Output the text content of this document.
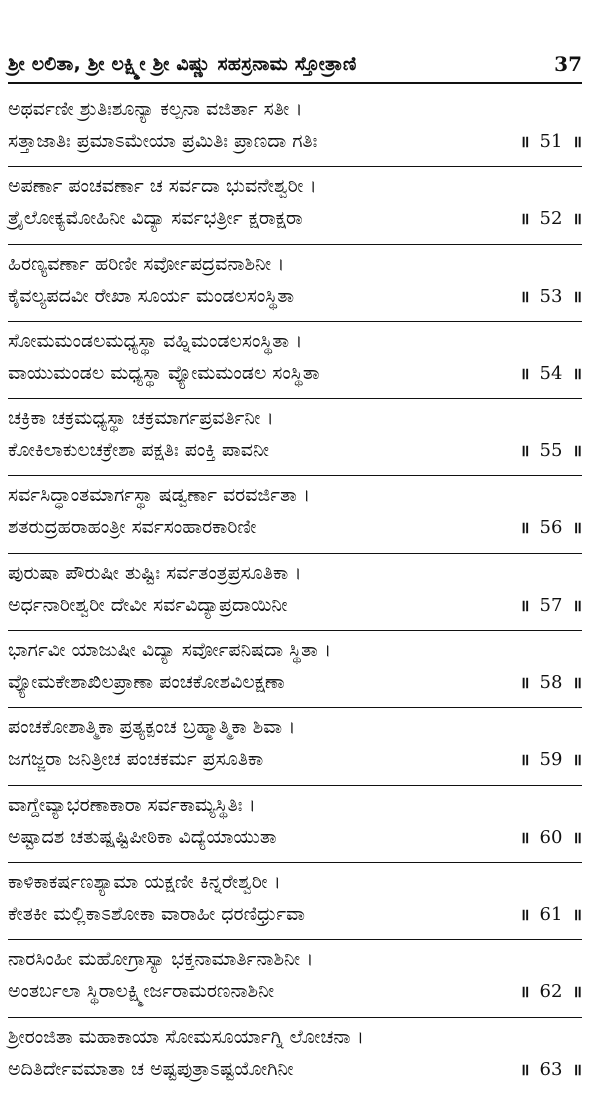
ಶ್ರೀ ಲಲಿತಾ, ಶ್ರೀ ಲಕ್ಷ್ಮೀ ಶ್ರೀ ವಿಷ್ಣು ಸಹಸ್ರನಾಮ ಸ್ತೋತ್ರಾಣಿ	37
ಅಥರ್ವಣೀ ಶ್ರುತಿಃಶೂನ್ಯಾ ಕಲ್ಪನಾ ವಜಿರ್ತಾ ಸತೀ ।
ಸತ್ತಾಜಾತಿಃ ಪ್ರಮಾಽಮೇಯಾ ಪ್ರಮಿತಿಃ ಪ್ರಾಣದಾ ಗತಿಃ	॥ 51 ॥
ಅಪರ್ಣಾ ಪಂಚವರ್ಣಾ ಚ ಸರ್ವದಾ ಭುವನೇಶ್ವರೀ ।
ತ್ರೈಲೋಕ್ಯಮೋಹಿನೀ ವಿದ್ಯಾ ಸರ್ವಭರ್ತ್ರೀ ಕ್ಷರಾಕ್ಷರಾ	॥ 52 ॥
ಹಿರಣ್ಯವರ್ಣಾ ಹರಿಣೀ ಸರ್ವೋಪದ್ರವನಾಶಿನೀ ।
ಕೈವಲ್ಯಪದವೀ ರೇಖಾ ಸೂರ್ಯ ಮಂಡಲಸಂಸ್ಥಿತಾ	॥ 53 ॥
ಸೋಮಮಂಡಲಮಧ್ಯಸ್ಥಾ ವಹ್ನಿಮಂಡಲಸಂಸ್ಥಿತಾ ।
ವಾಯುಮಂಡಲ ಮಧ್ಯಸ್ಥಾ ವ್ಯೋಮಮಂಡಲ ಸಂಸ್ಥಿತಾ	॥ 54 ॥
ಚಕ್ರಿಕಾ ಚಕ್ರಮಧ್ಯಸ್ಥಾ ಚಕ್ರಮಾರ್ಗಪ್ರವರ್ತಿನೀ ।
ಕೋಕಿಲಾಕುಲಚಕ್ರೇಶಾ ಪಕ್ಷತಿಃ ಪಂಕ್ತಿ ಪಾವನೀ	॥ 55 ॥
ಸರ್ವಸಿದ್ಧಾಂತಮಾರ್ಗಸ್ಥಾ ಷಡ್ವರ್ಣಾ ವರವರ್ಜಿತಾ ।
ಶತರುದ್ರಹರಾಹಂತ್ರೀ ಸರ್ವಸಂಹಾರಕಾರಿಣೀ	॥ 56 ॥
ಪುರುಷಾ ಪೌರುಷೀ ತುಷ್ಟಿಃ ಸರ್ವತಂತ್ರಪ್ರಸೂತಿಕಾ ।
ಅರ್ಧನಾರೀಶ್ವರೀ ದೇವೀ ಸರ್ವವಿದ್ಯಾಪ್ರದಾಯಿನೀ	॥ 57 ॥
ಭಾರ್ಗವೀ ಯಾಜುಷೀ ವಿದ್ಯಾ ಸರ್ವೋಪನಿಷದಾ ಸ್ಥಿತಾ ।
ವ್ಯೋಮಕೇಶಾಖಿಲಪ್ರಾಣಾ ಪಂಚಕೋಶವಿಲಕ್ಷಣಾ	॥ 58 ॥
ಪಂಚಕೋಶಾತ್ಮಿಕಾ ಪ್ರತ್ಯಕ್ಪಂಚ ಬ್ರಹ್ಮಾತ್ಮಿಕಾ ಶಿವಾ ।
ಜಗಜ್ಜರಾ ಜನಿತ್ರೀಚ ಪಂಚಕರ್ಮ ಪ್ರಸೂತಿಕಾ	॥ 59 ॥
ವಾಗ್ದೇವ್ಯಾಭರಣಾಕಾರಾ ಸರ್ವಕಾಮ್ಯಸ್ಥಿತಿಃ ।
ಅಷ್ಟಾದಶ ಚತುಷ್ಷಷ್ಟಿಪೀಠಿಕಾ ವಿದ್ಯೆಯಾಯುತಾ	॥ 60 ॥
ಕಾಳಿಕಾಕರ್ಷಣಶ್ಯಾಮಾ ಯಕ್ಷಣೀ ಕಿನ್ನರೇಶ್ವರೀ ।
ಕೇತಕೀ ಮಲ್ಲಿಕಾಽಶೋಕಾ ವಾರಾಹೀ ಧರಣಿರ್ಧ್ರುವಾ	॥ 61 ॥
ನಾರಸಿಂಹೀ ಮಹೋಗ್ರಾಸ್ಯಾ ಭಕ್ತನಾಮಾರ್ತಿನಾಶಿನೀ ।
ಅಂತರ್ಬಲಾ ಸ್ಥಿರಾಲಕ್ಷ್ಮೀರ್ಜರಾಮರಣನಾಶಿನೀ	॥ 62 ॥
ಶ್ರೀರಂಜಿತಾ ಮಹಾಕಾಯಾ ಸೋಮಸೂರ್ಯಾಗ್ನಿ ಲೋಚನಾ ।
ಅದಿತಿರ್ದೇವಮಾತಾ ಚ ಅಷ್ಟಪುತ್ರಾಽಷ್ಟಯೋಗಿನೀ	॥ 63 ॥
